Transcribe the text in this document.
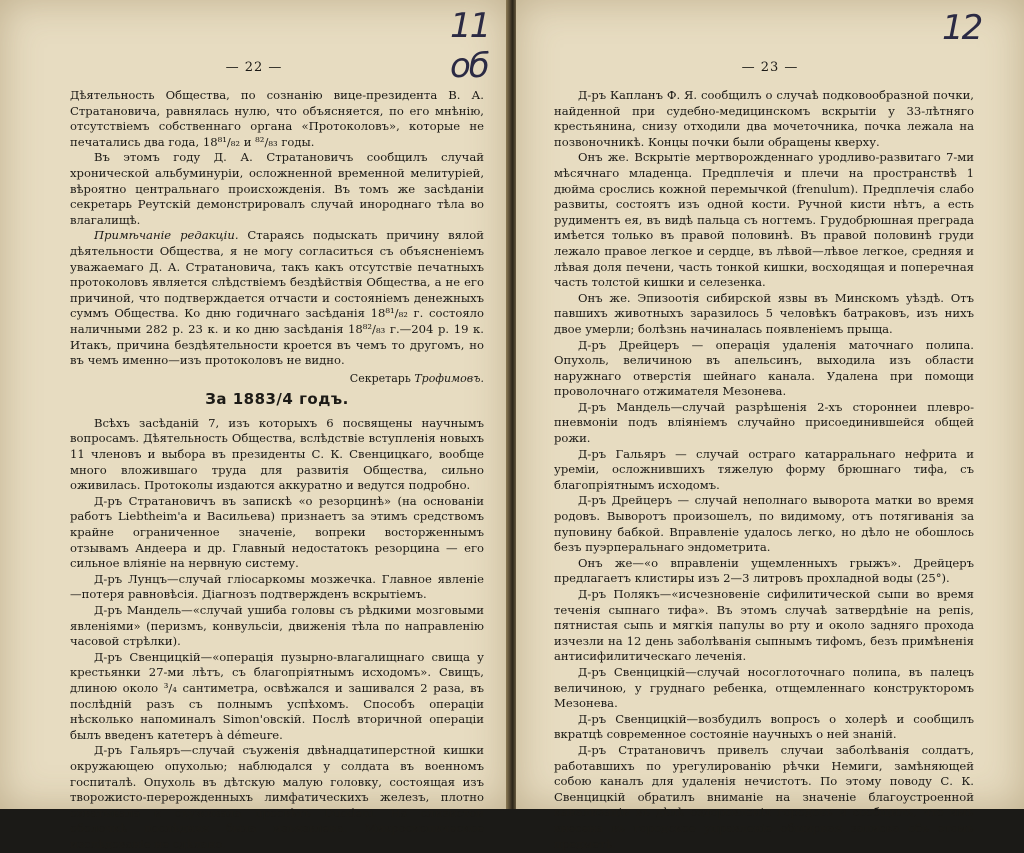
— 22 —

Дѣятельность Общества, по сознанію вице-президента В. А. Стратановича, равнялась нулю, что объясняется, по его мнѣнію, отсутствіемъ собственнаго органа «Протоколовъ», которые не печатались два года, 18⁸¹/₈₂ и ⁸²/₈₃ годы.

Въ этомъ году Д. А. Стратановичъ сообщилъ случай хронической альбуминуріи, осложненной временной мелитуріей, вѣроятно центральнаго происхожденія. Въ томъ же засѣданіи секретарь Реутскій демонстрировалъ случай инороднаго тѣла во влагалищѣ.

Примѣчаніе редакціи. Стараясь подыскать причину вялой дѣятельности Общества, я не могу согласиться съ объясненіемъ уважаемаго Д. А. Стратановича, такъ какъ отсутствіе печатныхъ протоколовъ является слѣдствіемъ бездѣйствія Общества, а не его причиной, что подтверждается отчасти и состояніемъ денежныхъ суммъ Общества. Ко дню годичнаго засѣданія 18⁸¹/₈₂ г. состояло наличными 282 р. 23 к. и ко дню засѣданія 18⁸²/₈₃ г.—204 р. 19 к. Итакъ, причина бездѣятельности кроется въ чемъ то другомъ, но въ чемъ именно—изъ протоколовъ не видно.

Секретарь Трофимовъ.

За 1883/4 годъ.

Всѣхъ засѣданій 7, изъ которыхъ 6 посвящены научнымъ вопросамъ. Дѣятельность Общества, вслѣдствіе вступленія новыхъ 11 членовъ и выбора въ президенты С. К. Свенцицкаго, вообще много вложившаго труда для развитія Общества, сильно оживилась. Протоколы издаются аккуратно и ведутся подробно.

Д-ръ Стратановичъ въ запискѣ «о резорцинѣ» (на основаніи работъ Liebtheim'a и Васильева) признаетъ за этимъ средствомъ крайне ограниченное значеніе, вопреки восторженнымъ отзывамъ Андеера и др. Главный недостатокъ резорцина — его сильное вліяніе на нервную систему.

Д-ръ Лунцъ—случай гліосаркомы мозжечка. Главное явленіе—потеря равновѣсія. Діагнозъ подтвержденъ вскрытіемъ.

Д-ръ Мандель—«случай ушиба головы съ рѣдкими мозговыми явленіями» (перизмъ, конвульсіи, движенія тѣла по направленію часовой стрѣлки).

Д-ръ Свенцицкій—«операція пузырно-влагалищнаго свища у крестьянки 27-ми лѣтъ, съ благопріятнымъ исходомъ». Свищъ, длиною около ³/₄ сантиметра, освѣжался и зашивался 2 раза, въ послѣдній разъ съ полнымъ успѣхомъ. Способъ операціи нѣсколько напоминалъ Simon'овскій. Послѣ вторичной операціи былъ введенъ катетеръ à démeure.

Д-ръ Гальяръ—случай съуженія двѣнадцатиперстной кишки окружающею опухолью; наблюдался у солдата въ военномъ госпиталѣ. Опухоль въ дѣтскую малую головку, состоящая изъ творожисто-перерожденныхъ лимфатическихъ железъ, плотно охватывала и съуживала просвѣтъ Duodeni. На слизистой оболочкѣ послѣдняя была изъязвлена. Микроскопическое изслѣдованіе не сдѣлано.

11 об	— 23 —

Д-ръ Капланъ Ф. Я. сообщилъ о случаѣ подковообразной почки, найденной при судебно-медицинскомъ вскрытіи у 33-лѣтняго крестьянина, снизу отходили два мочеточника, почка лежала на позвоночникѣ. Концы почки были обращены кверху.

Онъ же. Вскрытіе мертворожденнаго уродливо-развитаго 7-ми мѣсячнаго младенца. Предплечія и плечи на пространствѣ 1 дюйма срослись кожной перемычкой (frenulum). Предплечія слабо развиты, состоятъ изъ одной кости. Ручной кисти нѣтъ, а есть рудиментъ ея, въ видѣ пальца съ ногтемъ. Грудобрюшная преграда имѣется только въ правой половинѣ. Въ правой половинѣ груди лежало правое легкое и сердце, въ лѣвой—лѣвое легкое, средняя и лѣвая доля печени, часть тонкой кишки, восходящая и поперечная часть толстой кишки и селезенка.

Онъ же. Эпизоотія сибирской язвы въ Минскомъ уѣздѣ. Отъ павшихъ животныхъ заразилось 5 человѣкъ батраковъ, изъ нихъ двое умерли; болѣзнь начиналась появленіемъ прыща.

Д-ръ Дрейцеръ — операція удаленія маточнаго полипа. Опухоль, величиною въ апельсинъ, выходила изъ области наружнаго отверстія шейнаго канала. Удалена при помощи проволочнаго отжимателя Мезонева.

Д-ръ Мандель—случай разрѣшенія 2-хъ стороннеи плевро-пневмоніи подъ вліяніемъ случайно присоединившейся общей рожи.

Д-ръ Гальяръ — случай остраго катарральнаго нефрита и уреміи, осложнившихъ тяжелую форму брюшнаго тифа, съ благопріятнымъ исходомъ.

Д-ръ Дрейцеръ — случай неполнаго выворота матки во время родовъ. Выворотъ произошелъ, по видимому, отъ потягиванія за пуповину бабкой. Вправленіе удалось легко, но дѣло не обошлось безъ пуэрперальнаго эндометрита.

Онъ же—«о вправленіи ущемленныхъ грыжъ». Дрейцеръ предлагаетъ клистиры изъ 2—3 литровъ прохладной воды (25°).

Д-ръ Полякъ—«исчезновеніе сифилитической сыпи во время теченія сыпнаго тифа». Въ этомъ случаѣ затвердѣніе на репіѕ, пятнистая сыпь и мягкія папулы во рту и около задняго прохода изчезли на 12 день заболѣванія сыпнымъ тифомъ, безъ примѣненія антисифилитическаго леченія.

Д-ръ Свенцицкій—случай носоглоточнаго полипа, въ палецъ величиною, у груднаго ребенка, отщемленнаго конструкторомъ Мезонева.

Д-ръ Свенцицкій—возбудилъ вопросъ о холерѣ и сообщилъ вкратцѣ современное состояніе научныхъ о ней знаній.

Д-ръ Стратановичъ привелъ случаи заболѣванія солдатъ, работавшихъ по урегулированію рѣчки Немиги, замѣняющей собою каналъ для удаленія нечистотъ. По этому поводу С. К. Свенцицкій обратилъ вниманіе на значеніе благоустроенной канализаціи въ дѣлѣ оздоровленія городовъ и сообщилъ, что имъ внесена въ городское управленіе обширная записка объ этомъ предметѣ.

12
